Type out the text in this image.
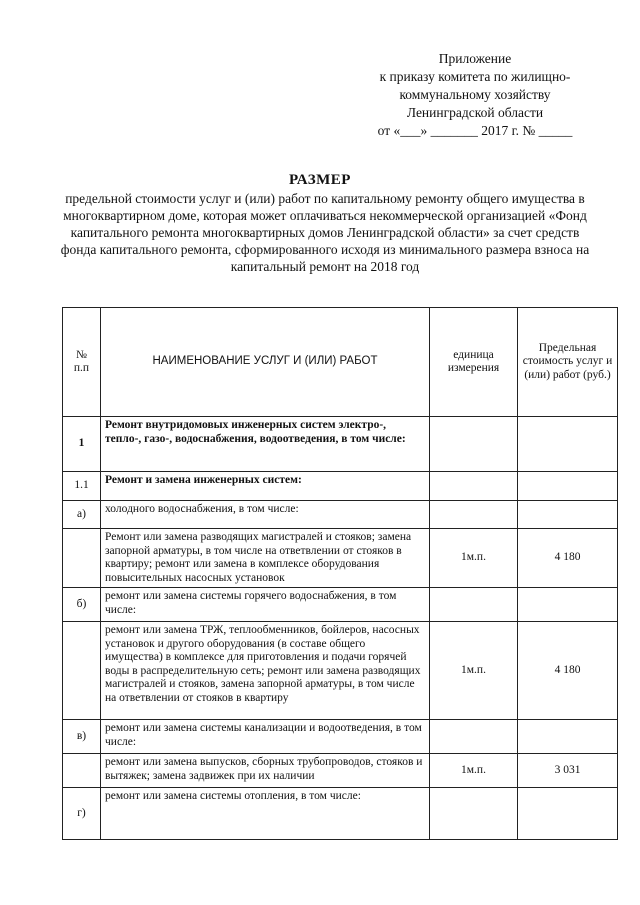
Приложение
к приказу комитета по жилищно-
коммунальному хозяйству
Ленинградской области
от «___» _______ 2017 г. № _____
РАЗМЕР
предельной стоимости услуг и (или) работ по капитальному ремонту общего имущества в многоквартирном доме, которая может оплачиваться некоммерческой организацией «Фонд капитального ремонта многоквартирных домов Ленинградской области» за счет средств фонда капитального ремонта, сформированного исходя из минимального размера взноса на капитальный ремонт на 2018 год
№ п.п	НАИМЕНОВАНИЕ УСЛУГ И (ИЛИ) РАБОТ	единица измерения	Предельная стоимость услуг и (или) работ (руб.)
1	Ремонт внутридомовых инженерных систем электро-, тепло-, газо-, водоснабжения, водоотведения, в том числе:		
1.1	Ремонт и замена инженерных систем:		
а)	холодного водоснабжения, в том числе:		
	Ремонт или замена разводящих магистралей и стояков; замена запорной арматуры, в том числе на ответвлении от стояков в квартиру; ремонт или замена в комплексе оборудования повысительных насосных установок	1м.п.	4 180
б)	ремонт или замена системы горячего водоснабжения, в том числе:		
	ремонт или замена ТРЖ, теплообменников, бойлеров, насосных установок и другого оборудования (в составе общего имущества) в комплексе для приготовления и подачи горячей воды в распределительную сеть; ремонт или замена разводящих магистралей и стояков, замена запорной арматуры, в том числе на ответвлении от стояков в квартиру	1м.п.	4 180
в)	ремонт или замена системы канализации и водоотведения, в том числе:		
	ремонт или замена выпусков, сборных трубопроводов, стояков и вытяжек; замена задвижек при их наличии	1м.п.	3 031
г)	ремонт или замена системы отопления, в том числе:		
